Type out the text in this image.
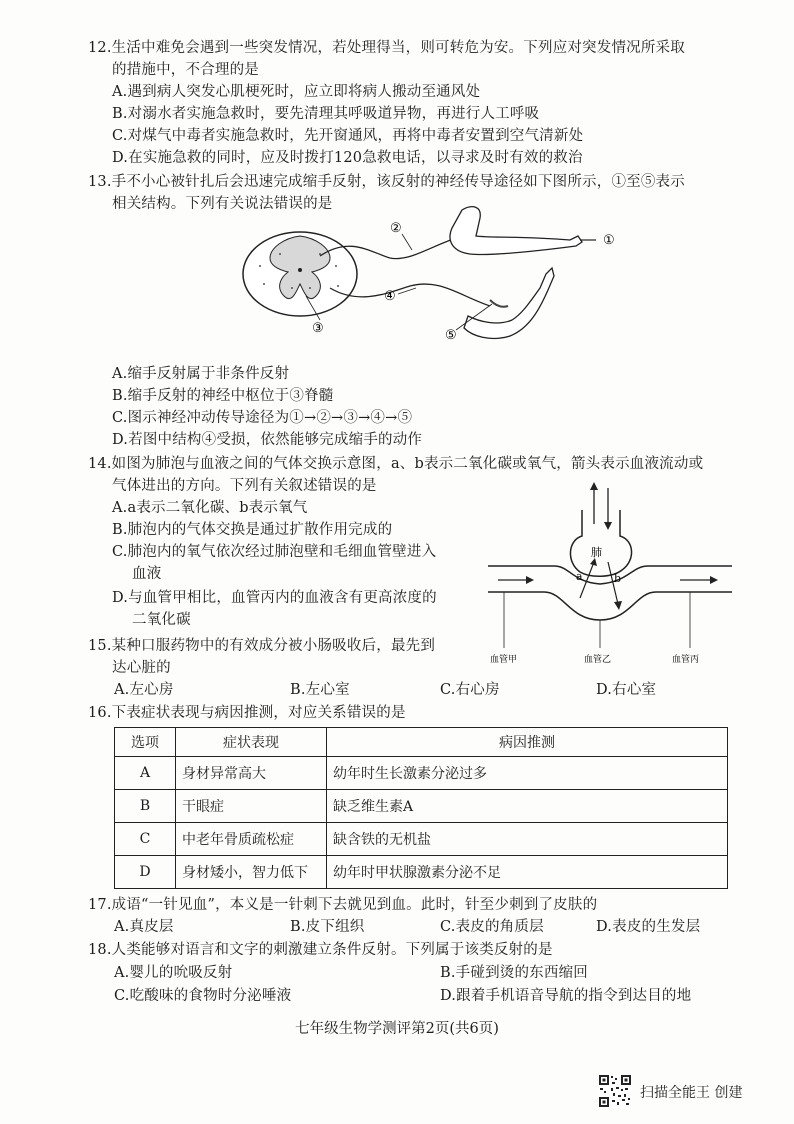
12.生活中难免会遇到一些突发情况，若处理得当，则可转危为安。下列应对突发情况所采取
的措施中，不合理的是
A.遇到病人突发心肌梗死时，应立即将病人搬动至通风处
B.对溺水者实施急救时，要先清理其呼吸道异物，再进行人工呼吸
C.对煤气中毒者实施急救时，先开窗通风，再将中毒者安置到空气清新处
D.在实施急救的同时，应及时拨打120急救电话，以寻求及时有效的救治
13.手不小心被针扎后会迅速完成缩手反射，该反射的神经传导途径如下图所示，①至⑤表示
相关结构。下列有关说法错误的是
②
①
④
③	⑤
A.缩手反射属于非条件反射
B.缩手反射的神经中枢位于③脊髓
C.图示神经冲动传导途径为①→②→③→④→⑤
D.若图中结构④受损，依然能够完成缩手的动作
14.如图为肺泡与血液之间的气体交换示意图，a、b表示二氧化碳或氧气，箭头表示血液流动或
气体进出的方向。下列有关叙述错误的是
A.a表示二氧化碳、b表示氧气
B.肺泡内的气体交换是通过扩散作用完成的
C.肺泡内的氧气依次经过肺泡壁和毛细血管壁进入
血液
D.与血管甲相比，血管丙内的血液含有更高浓度的
二氧化碳
肺
a	b
血管甲	血管乙	血管丙
15.某种口服药物中的有效成分被小肠吸收后，最先到
达心脏的
A.左心房	B.左心室	C.右心房	D.右心室
16.下表症状表现与病因推测，对应关系错误的是
选项	症状表现	病因推测
A	身材异常高大	幼年时生长激素分泌过多
B	干眼症	缺乏维生素A
C	中老年骨质疏松症	缺含铁的无机盐
D	身材矮小，智力低下	幼年时甲状腺激素分泌不足
17.成语“一针见血”，本义是一针刺下去就见到血。此时，针至少刺到了皮肤的
A.真皮层	B.皮下组织	C.表皮的角质层	D.表皮的生发层
18.人类能够对语言和文字的刺激建立条件反射。下列属于该类反射的是
A.婴儿的吮吸反射	B.手碰到烫的东西缩回
C.吃酸味的食物时分泌唾液	D.跟着手机语音导航的指令到达目的地
七年级生物学测评第2页(共6页)
扫描全能王 创建
